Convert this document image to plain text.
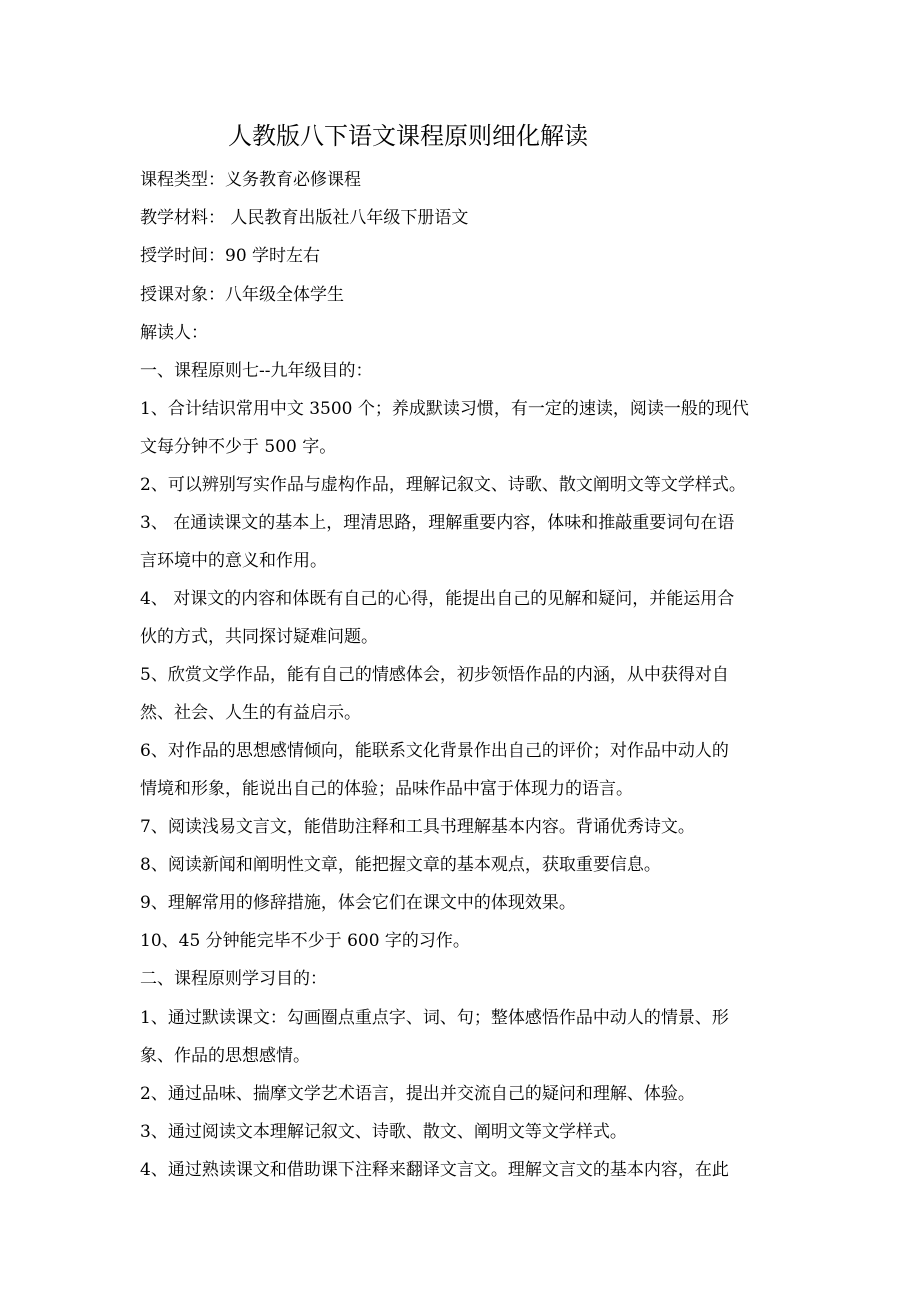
人教版八下语文课程原则细化解读
课程类型：义务教育必修课程
教学材料： 人民教育出版社八年级下册语文
授学时间：90 学时左右
授课对象：八年级全体学生
解读人：
一、课程原则七--九年级目的：
1、合计结识常用中文 3500 个；养成默读习惯，有一定的速读，阅读一般的现代
文每分钟不少于 500 字。
2、可以辨别写实作品与虚构作品，理解记叙文、诗歌、散文阐明文等文学样式。
3、 在通读课文的基本上，理清思路，理解重要内容，体味和推敲重要词句在语
言环境中的意义和作用。
4、 对课文的内容和体既有自己的心得，能提出自己的见解和疑问，并能运用合
伙的方式，共同探讨疑难问题。
5、欣赏文学作品，能有自己的情感体会，初步领悟作品的内涵，从中获得对自
然、社会、人生的有益启示。
6、对作品的思想感情倾向，能联系文化背景作出自己的评价；对作品中动人的
情境和形象，能说出自己的体验；品味作品中富于体现力的语言。
7、阅读浅易文言文，能借助注释和工具书理解基本内容。背诵优秀诗文。
8、阅读新闻和阐明性文章，能把握文章的基本观点，获取重要信息。
9、理解常用的修辞措施，体会它们在课文中的体现效果。
10、45 分钟能完毕不少于 600 字的习作。
二、课程原则学习目的：
1、通过默读课文：勾画圈点重点字、词、句；整体感悟作品中动人的情景、形
象、作品的思想感情。
2、通过品味、揣摩文学艺术语言，提出并交流自己的疑问和理解、体验。
3、通过阅读文本理解记叙文、诗歌、散文、阐明文等文学样式。
4、通过熟读课文和借助课下注释来翻译文言文。理解文言文的基本内容，在此
